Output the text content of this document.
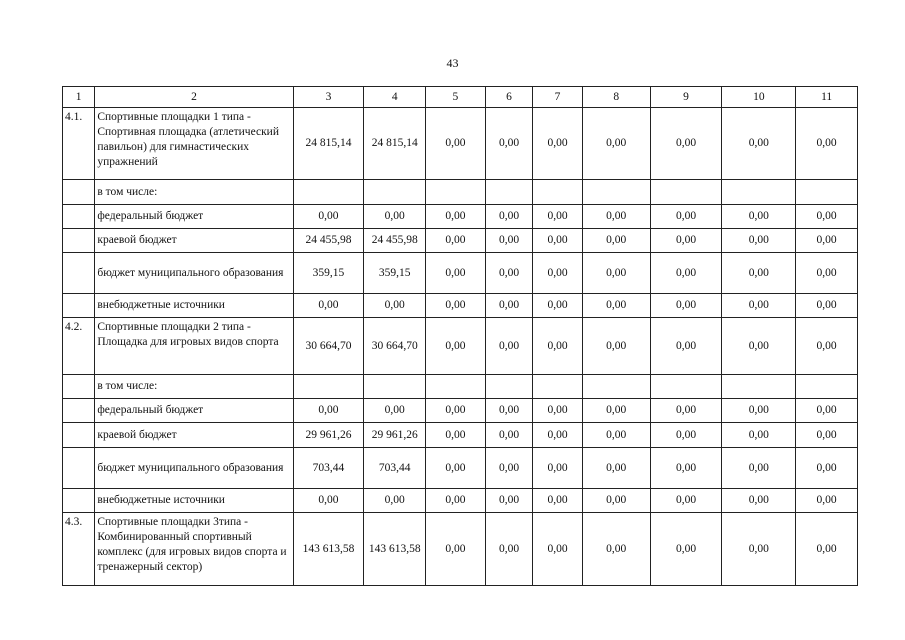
43
1	2	3	4	5	6	7	8	9	10	11
4.1.	Спортивные площадки 1 типа - Спортивная площадка (атлетический павильон) для гимнастических упражнений	24 815,14	24 815,14	0,00	0,00	0,00	0,00	0,00	0,00	0,00
	в том числе:									
	федеральный бюджет	0,00	0,00	0,00	0,00	0,00	0,00	0,00	0,00	0,00
	краевой бюджет	24 455,98	24 455,98	0,00	0,00	0,00	0,00	0,00	0,00	0,00
	бюджет муниципального образования	359,15	359,15	0,00	0,00	0,00	0,00	0,00	0,00	0,00
	внебюджетные источники	0,00	0,00	0,00	0,00	0,00	0,00	0,00	0,00	0,00
4.2.	Спортивные площадки 2 типа - Площадка для игровых видов спорта	30 664,70	30 664,70	0,00	0,00	0,00	0,00	0,00	0,00	0,00
	в том числе:									
	федеральный бюджет	0,00	0,00	0,00	0,00	0,00	0,00	0,00	0,00	0,00
	краевой бюджет	29 961,26	29 961,26	0,00	0,00	0,00	0,00	0,00	0,00	0,00
	бюджет муниципального образования	703,44	703,44	0,00	0,00	0,00	0,00	0,00	0,00	0,00
	внебюджетные источники	0,00	0,00	0,00	0,00	0,00	0,00	0,00	0,00	0,00
4.3.	Спортивные площадки 3типа - Комбинированный спортивный комплекс (для игровых видов спорта и тренажерный сектор)	143 613,58	143 613,58	0,00	0,00	0,00	0,00	0,00	0,00	0,00
